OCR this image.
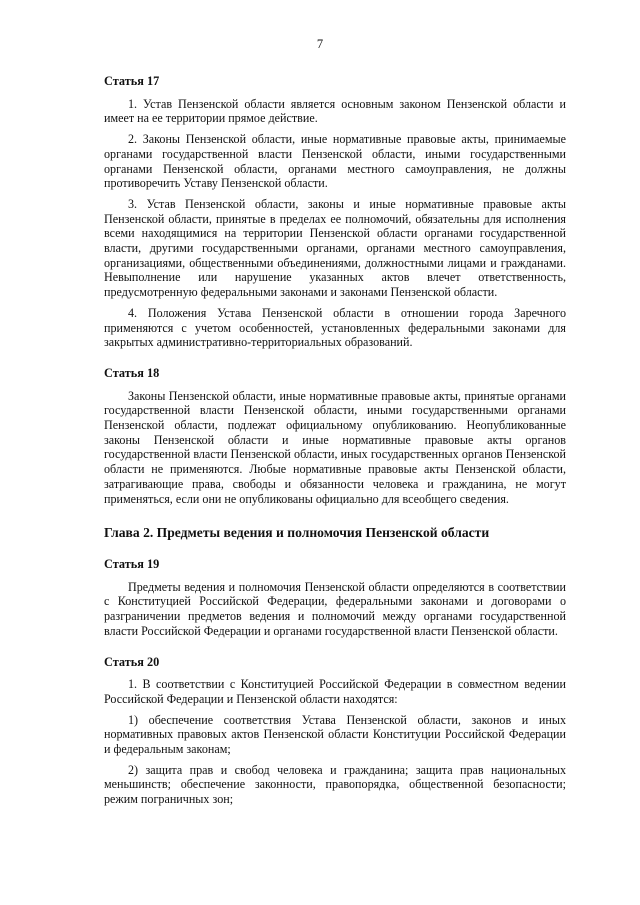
7
Статья 17

1. Устав Пензенской области является основным законом Пензенской области и имеет на ее территории прямое действие.

2. Законы Пензенской области, иные нормативные правовые акты, принимаемые органами государственной власти Пензенской области, иными государственными органами Пензенской области, органами местного самоуправления, не должны противоречить Уставу Пензенской области.

3. Устав Пензенской области, законы и иные нормативные правовые акты Пензенской области, принятые в пределах ее полномочий, обязательны для исполнения всеми находящимися на территории Пензенской области органами государственной власти, другими государственными органами, органами местного самоуправления, организациями, общественными объединениями, должностными лицами и гражданами. Невыполнение или нарушение указанных актов влечет ответственность, предусмотренную федеральными законами и законами Пензенской области.

4. Положения Устава Пензенской области в отношении города Заречного применяются с учетом особенностей, установленных федеральными законами для закрытых административно-территориальных образований.

Статья 18

Законы Пензенской области, иные нормативные правовые акты, принятые органами государственной власти Пензенской области, иными государственными органами Пензенской области, подлежат официальному опубликованию. Неопубликованные законы Пензенской области и иные нормативные правовые акты органов государственной власти Пензенской области, иных государственных органов Пензенской области не применяются. Любые нормативные правовые акты Пензенской области, затрагивающие права, свободы и обязанности человека и гражданина, не могут применяться, если они не опубликованы официально для всеобщего сведения.

Глава 2. Предметы ведения и полномочия Пензенской области
Статья 19

Предметы ведения и полномочия Пензенской области определяются в соответствии с Конституцией Российской Федерации, федеральными законами и договорами о разграничении предметов ведения и полномочий между органами государственной власти Российской Федерации и органами государственной власти Пензенской области.

Статья 20

1. В соответствии с Конституцией Российской Федерации в совместном ведении Российской Федерации и Пензенской области находятся:

1) обеспечение соответствия Устава Пензенской области, законов и иных нормативных правовых актов Пензенской области Конституции Российской Федерации и федеральным законам;

2) защита прав и свобод человека и гражданина; защита прав национальных меньшинств; обеспечение законности, правопорядка, общественной безопасности; режим пограничных зон;
